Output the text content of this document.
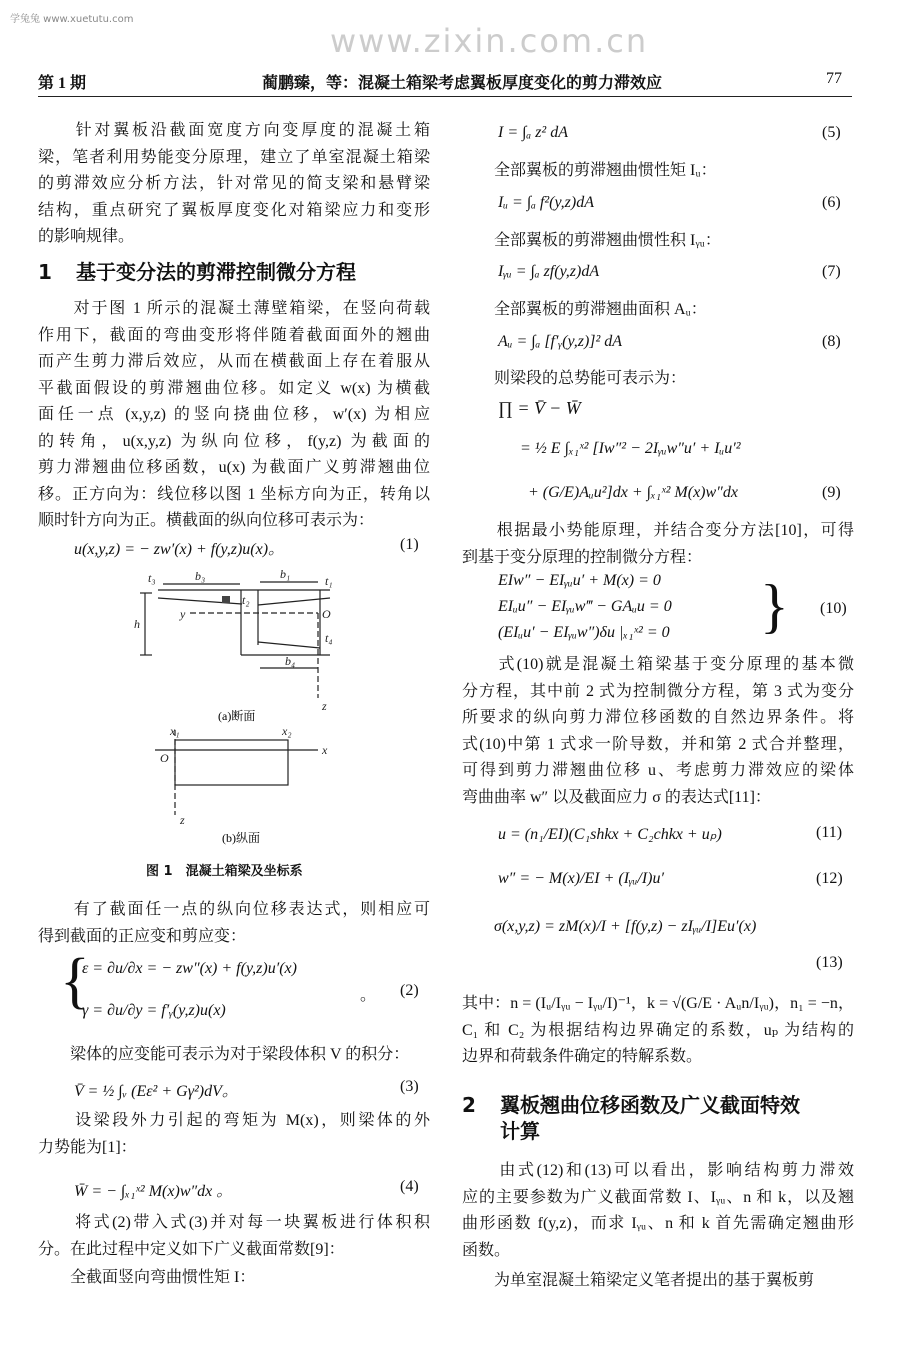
学兔兔 www.xuetutu.com
www.zixin.com.cn
第 1 期	蔺鹏臻，等：混凝土箱梁考虑翼板厚度变化的剪力滞效应	77
　　针对翼板沿截面宽度方向变厚度的混凝土箱
梁，笔者利用势能变分原理，建立了单室混凝土箱梁
的剪滞效应分析方法，针对常见的简支梁和悬臂梁
结构，重点研究了翼板厚度变化对箱梁应力和变形
的影响规律。
1 基于变分法的剪滞控制微分方程
　　对于图 1 所示的混凝土薄壁箱梁，在竖向荷载
作用下，截面的弯曲变形将伴随着截面面外的翘曲
而产生剪力滞后效应，从而在横截面上存在着服从
平截面假设的剪滞翘曲位移。如定义 w(x) 为横截
面任一点 (x,y,z) 的竖向挠曲位移，w′(x) 为相应
的转角，u(x,y,z) 为纵向位移，f(y,z) 为截面的
剪力滞翘曲位移函数，u(x) 为截面广义剪滞翘曲位
移。正方向为：线位移以图 1 坐标方向为正，转角以
顺时针方向为正。横截面的纵向位移可表示为：
u(x,y,z) = − zw′(x) + f(y,z)u(x)。	(1)
b₃	b₁
b₄
t₁
t₃
t₂
t₄
h
y	O
z
O
x
x₁	x₂
z
(a)断面
(b)纵面
图 1　混凝土箱梁及坐标系
　　有了截面任一点的纵向位移表达式，则相应可
得到截面的正应变和剪应变：
{
ε = ∂u/∂x = − zw″(x) + f(y,z)u′(x)
γ = ∂u/∂y = f′ᵧ(y,z)u(x)
。 (2)
　　梁体的应变能可表示为对于梁段体积 V 的积分：
V̄ = ½ ∫ᵥ (Eε² + Gγ²)dV。	(3)
　　设梁段外力引起的弯矩为 M(x)，则梁体的外
力势能为[1]：
W̄ = − ∫ₓ₁ˣ² M(x)w″dx 。	(4)
　　将式(2)带入式(3)并对每一块翼板进行体积积
分。在此过程中定义如下广义截面常数[9]：
　　全截面竖向弯曲惯性矩 I：
I = ∫ₐ z² dA	(5)
　　全部翼板的剪滞翘曲惯性矩 Iᵤ：
Iᵤ = ∫ₐ f²(y,z)dA	(6)
　　全部翼板的剪滞翘曲惯性积 Iᵧᵤ：
Iᵧᵤ = ∫ₐ zf(y,z)dA	(7)
　　全部翼板的剪滞翘曲面积 Aᵤ：
Aᵤ = ∫ₐ [f′ᵧ(y,z)]² dA	(8)
　　则梁段的总势能可表示为：
∏ = V̄ − W̄
= ½ E ∫ₓ₁ˣ² [Iw″² − 2Iᵧᵤw″u′ + Iᵤu′²
+ (G/E)Aᵤu²]dx + ∫ₓ₁ˣ² M(x)w″dx	(9)
　　根据最小势能原理，并结合变分方法[10]，可得
到基于变分原理的控制微分方程：
EIw″ − EIᵧᵤu′ + M(x) = 0
EIᵤu″ − EIᵧᵤw‴ − GAᵤu = 0
(EIᵤu′ − EIᵧᵤw″)δu |ₓ₁ˣ² = 0 } (10)
　　式(10)就是混凝土箱梁基于变分原理的基本微
分方程，其中前 2 式为控制微分方程，第 3 式为变分
所要求的纵向剪力滞位移函数的自然边界条件。将
式(10)中第 1 式求一阶导数，并和第 2 式合并整理，
可得到剪力滞翘曲位移 u、考虑剪力滞效应的梁体
弯曲曲率 w″ 以及截面应力 σ 的表达式[11]：
u = (n₁/EI)(C₁shkx + C₂chkx + uₚ)	(11)
w″ = − M(x)/EI + (Iᵧᵤ/I)u′	(12)
σ(x,y,z) = zM(x)/I + [f(y,z) − zIᵧᵤ/I]Eu′(x)
(13)
其中：n = (Iᵤ/Iᵧᵤ − Iᵧᵤ/I)⁻¹，k = √(G/E · Aᵤn/Iᵧᵤ)，n₁ = −n，
C₁ 和 C₂ 为根据结构边界确定的系数，uₚ 为结构的
边界和荷载条件确定的特解系数。
2 翼板翘曲位移函数及广义截面特效
计算
　　由式(12)和(13)可以看出，影响结构剪力滞效
应的主要参数为广义截面常数 I、Iᵧᵤ、n 和 k，以及翘
曲形函数 f(y,z)，而求 Iᵧᵤ、n 和 k 首先需确定翘曲形
函数。
　　为单室混凝土箱梁定义笔者提出的基于翼板剪
